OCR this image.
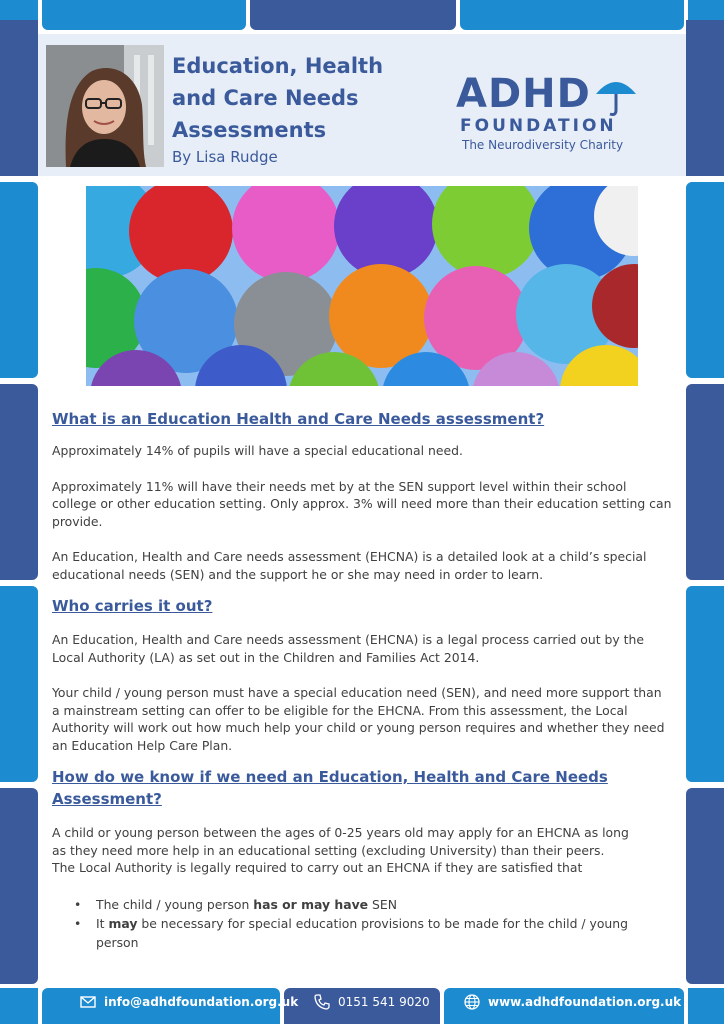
Education, Health
and Care Needs
Assessments
By Lisa Rudge
ADHD
FOUNDATION
The Neurodiversity Charity
What is an Education Health and Care Needs assessment?

Approximately 14% of pupils will have a special educational need.

Approximately 11% will have their needs met by at the SEN support level within their school college or other education setting. Only approx. 3% will need more than their education setting can provide.

An Education, Health and Care needs assessment (EHCNA) is a detailed look at a child’s special educational needs (SEN) and the support he or she may need in order to learn.

Who carries it out?

An Education, Health and Care needs assessment (EHCNA) is a legal process carried out by the Local Authority (LA) as set out in the Children and Families Act 2014.

Your child / young person must have a special education need (SEN), and need more support than a mainstream setting can offer to be eligible for the EHCNA. From this assessment, the Local Authority will work out how much help your child or young person requires and whether they need an Education Help Care Plan.

How do we know if we need an Education, Health and Care Needs Assessment?

A child or young person between the ages of 0-25 years old may apply for an EHCNA as long

as they need more help in an educational setting (excluding University) than their peers.

The Local Authority is legally required to carry out an EHCNA if they are satisfied that

• The child / young person has or may have SEN
• It may be necessary for special education provisions to be made for the child / young person
info@adhdfoundation.org.uk	0151 541 9020	www.adhdfoundation.org.uk
